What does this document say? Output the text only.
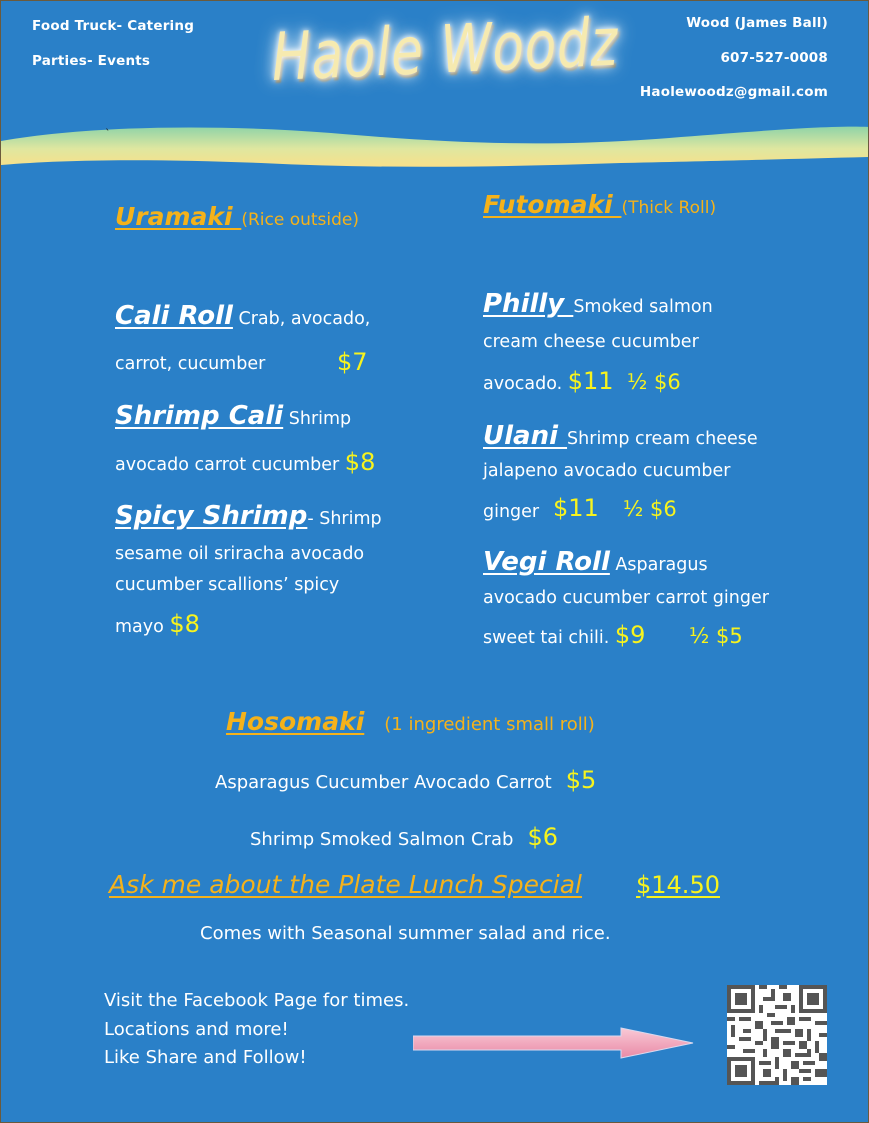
Food Truck- Catering
Parties- Events Haole Woodz	Wood (James Ball)
607-527-0008
Haolewoodz@gmail.com
`
Uramaki (Rice outside)
Cali Roll Crab, avocado,
carrot, cucumber	$7
Shrimp Cali Shrimp
avocado carrot cucumber $8
Spicy Shrimp- Shrimp
sesame oil sriracha avocado
cucumber scallions’ spicy
mayo $8
Futomaki (Thick Roll)
Philly Smoked salmon
cream cheese cucumber
avocado. $11 ½ $6
Ulani Shrimp cream cheese
jalapeno avocado cucumber
ginger $11 ½ $6
Vegi Roll Asparagus
avocado cucumber carrot ginger
sweet tai chili. $9 ½ $5
Hosomaki (1 ingredient small roll)
Asparagus Cucumber Avocado Carrot $5
Shrimp Smoked Salmon Crab $6
Ask me about the Plate Lunch Special $14.50
Comes with Seasonal summer salad and rice.
Visit the Facebook Page for times.
Locations and more!
Like Share and Follow!
